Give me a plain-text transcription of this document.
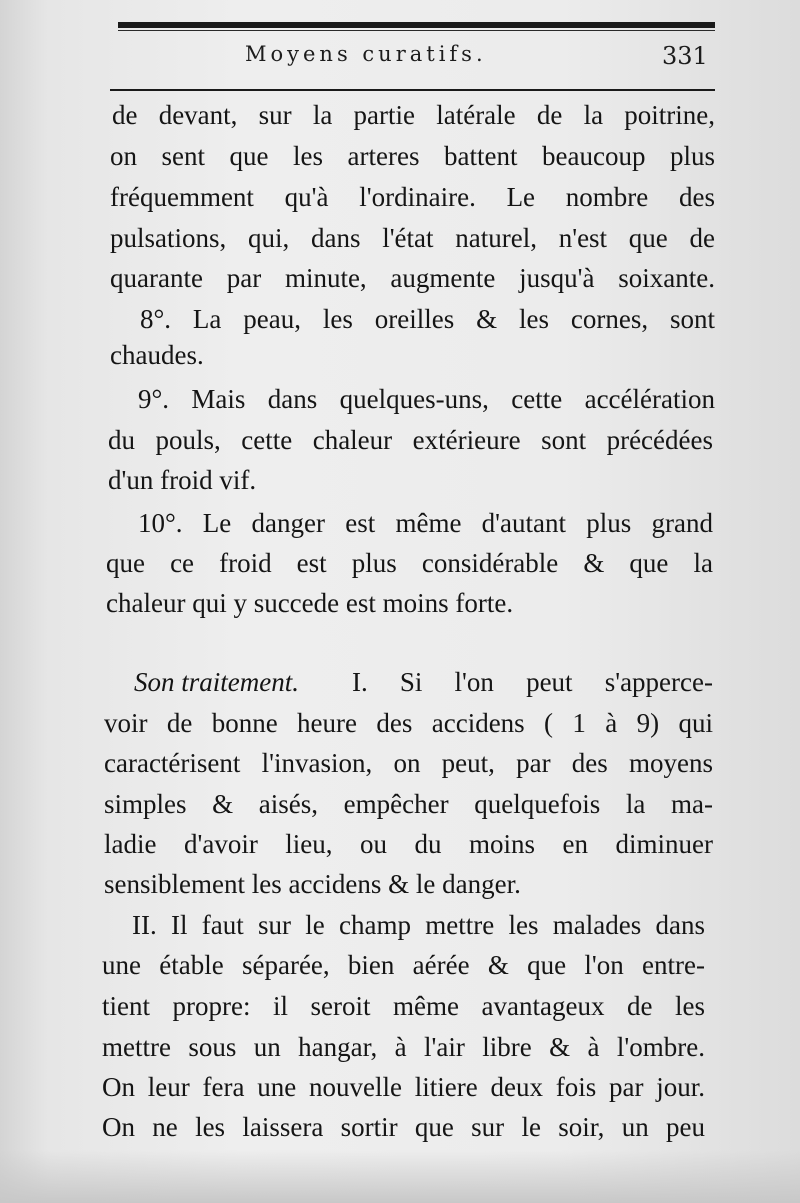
Moyens curatifs.	331
de devant, sur la partie latérale de la poitrine,
on sent que les arteres battent beaucoup plus
fréquemment qu'à l'ordinaire. Le nombre des
pulsations, qui, dans l'état naturel, n'est que de
quarante par minute, augmente jusqu'à soixante.
8°. La peau, les oreilles & les cornes, sont
chaudes.
9°. Mais dans quelques-uns, cette accélération
du pouls, cette chaleur extérieure sont précédées
d'un froid vif.
10°. Le danger est même d'autant plus grand
que ce froid est plus considérable & que la
chaleur qui y succede est moins forte.
Son traitement. I. Si l'on peut s'apperce-
voir de bonne heure des accidens ( 1 à 9) qui
caractérisent l'invasion, on peut, par des moyens
simples & aisés, empêcher quelquefois la ma-
ladie d'avoir lieu, ou du moins en diminuer
sensiblement les accidens & le danger.
II. Il faut sur le champ mettre les malades dans
une étable séparée, bien aérée & que l'on entre-
tient propre: il seroit même avantageux de les
mettre sous un hangar, à l'air libre & à l'ombre.
On leur fera une nouvelle litiere deux fois par jour.
On ne les laissera sortir que sur le soir, un peu
